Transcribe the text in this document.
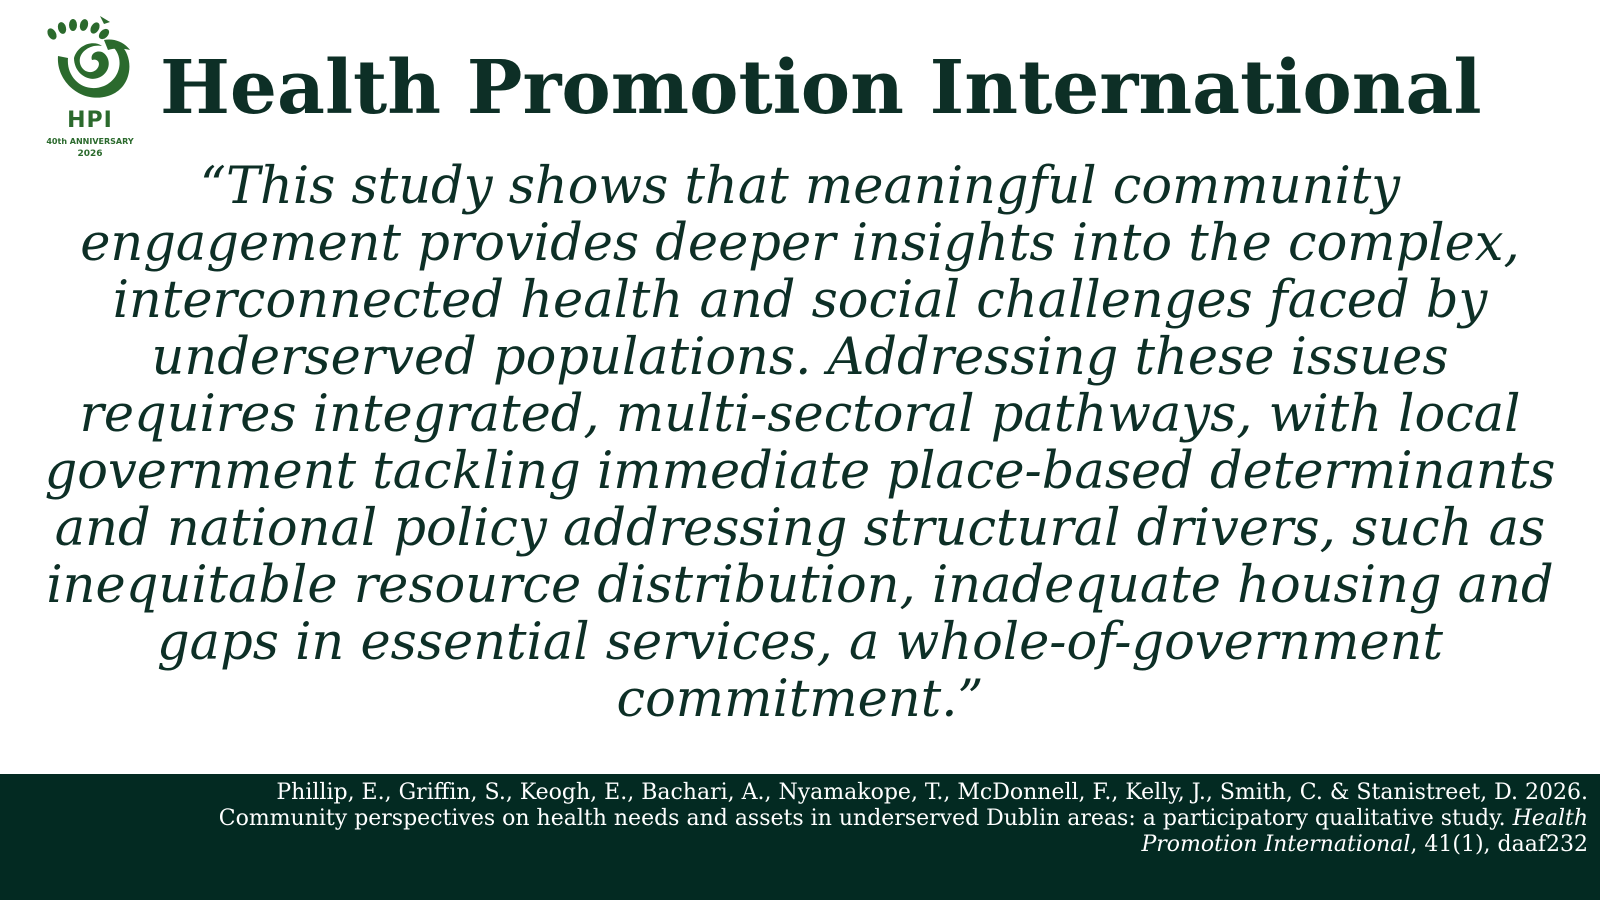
HPI
40th ANNIVERSARY
2026
Health Promotion International

“This study shows that meaningful community engagement provides deeper insights into the complex, interconnected health and social challenges faced by underserved populations. Addressing these issues requires integrated, multi-sectoral pathways, with local government tackling immediate place-based determinants and national policy addressing structural drivers, such as inequitable resource distribution, inadequate housing and gaps in essential services, a whole-of-government commitment.”

Phillip, E., Griffin, S., Keogh, E., Bachari, A., Nyamakope, T., McDonnell, F., Kelly, J., Smith, C. & Stanistreet, D. 2026. Community perspectives on health needs and assets in underserved Dublin areas: a participatory qualitative study. Health Promotion International, 41(1), daaf232
